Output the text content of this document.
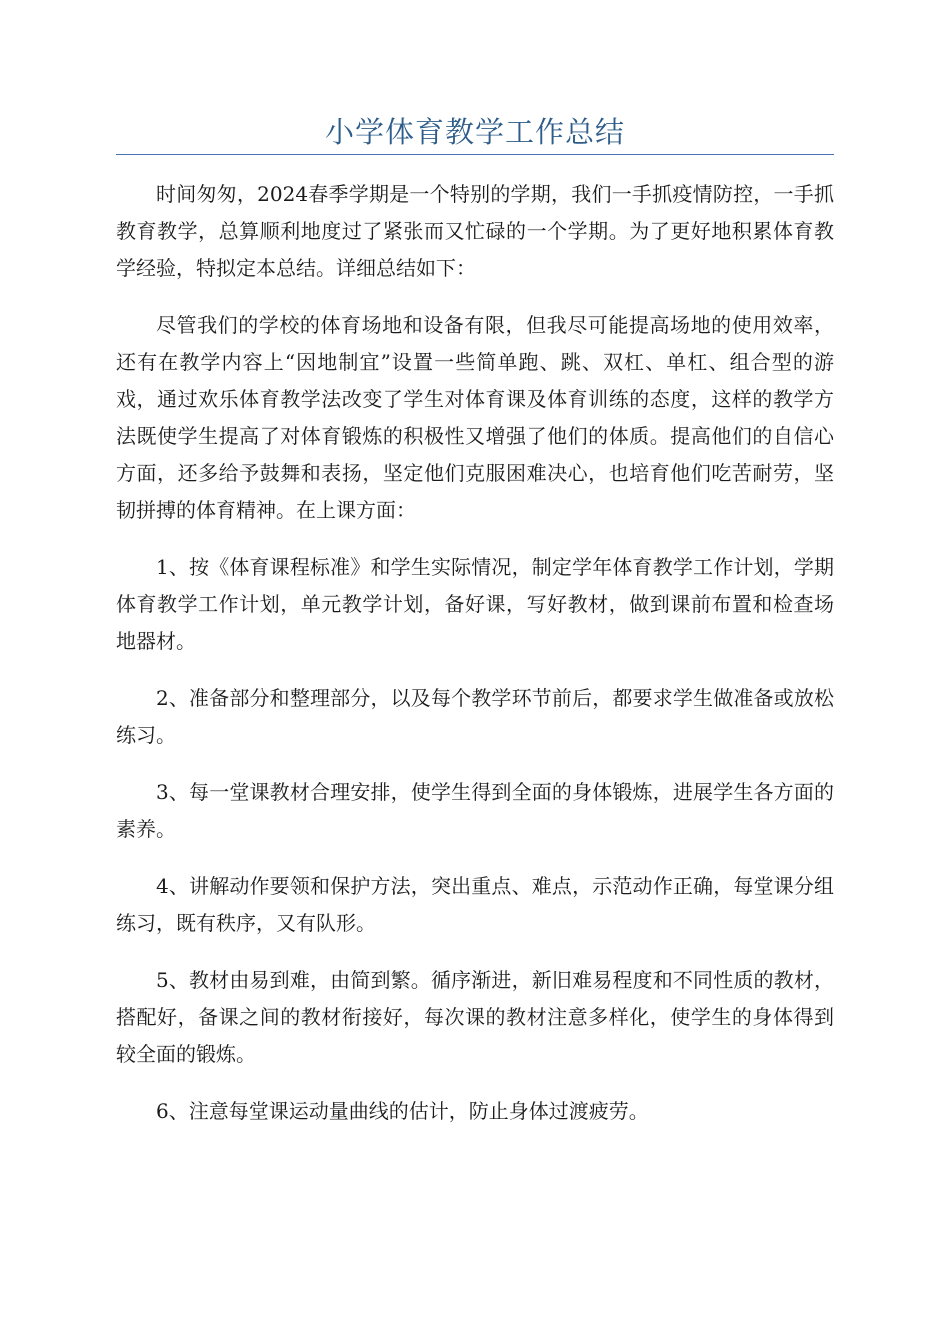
小学体育教学工作总结

时间匆匆，2024春季学期是一个特别的学期，我们一手抓疫情防控，一手抓教育教学，总算顺利地度过了紧张而又忙碌的一个学期。为了更好地积累体育教学经验，特拟定本总结。详细总结如下：

尽管我们的学校的体育场地和设备有限，但我尽可能提高场地的使用效率，还有在教学内容上“因地制宜”设置一些简单跑、跳、双杠、单杠、组合型的游戏，通过欢乐体育教学法改变了学生对体育课及体育训练的态度，这样的教学方法既使学生提高了对体育锻炼的积极性又增强了他们的体质。提高他们的自信心方面，还多给予鼓舞和表扬，坚定他们克服困难决心，也培育他们吃苦耐劳，坚韧拼搏的体育精神。在上课方面：

1、按《体育课程标准》和学生实际情况，制定学年体育教学工作计划，学期体育教学工作计划，单元教学计划，备好课，写好教材，做到课前布置和检查场地器材。

2、准备部分和整理部分，以及每个教学环节前后，都要求学生做准备或放松练习。

3、每一堂课教材合理安排，使学生得到全面的身体锻炼，进展学生各方面的素养。

4、讲解动作要领和保护方法，突出重点、难点，示范动作正确，每堂课分组练习，既有秩序，又有队形。

5、教材由易到难，由简到繁。循序渐进，新旧难易程度和不同性质的教材，搭配好，备课之间的教材衔接好，每次课的教材注意多样化，使学生的身体得到较全面的锻炼。

6、注意每堂课运动量曲线的估计，防止身体过渡疲劳。
